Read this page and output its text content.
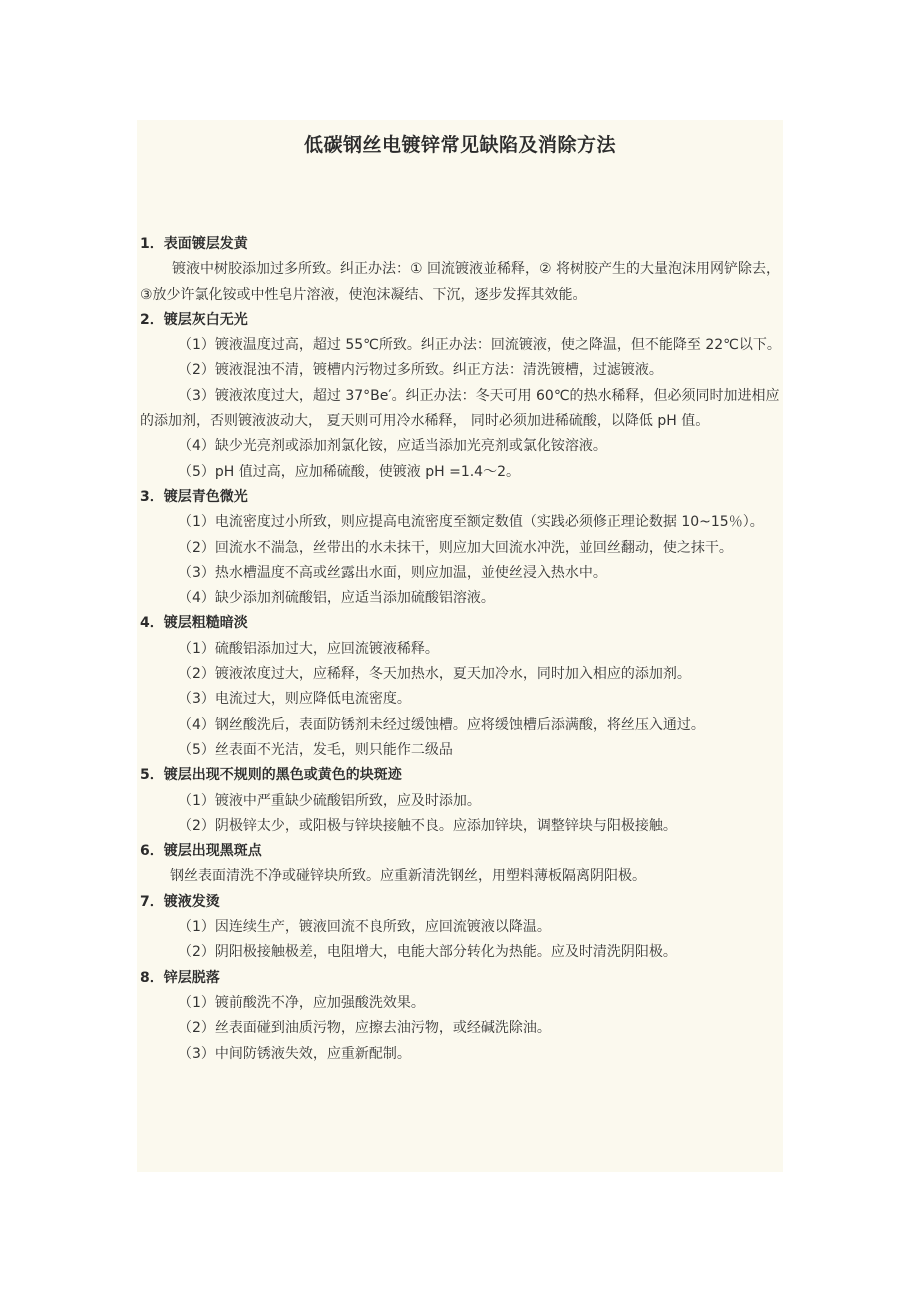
低碳钢丝电镀锌常见缺陷及消除方法

1．表面镀层发黄

镀液中树胶添加过多所致。纠正办法：① 回流镀液並稀释，② 将树胶产生的大量泡沫用网铲除去，③放少许氯化铵或中性皂片溶液，使泡沫凝结、下沉，逐步发挥其效能。

2．镀层灰白无光

（1）镀液温度过高，超过 55℃所致。纠正办法：回流镀液，使之降温，但不能降至 22℃以下。

（2）镀液混浊不清，镀槽内污物过多所致。纠正方法：清洗镀槽，过滤镀液。

（3）镀液浓度过大，超过 37°Be′。纠正办法：冬天可用 60℃的热水稀释，但必须同时加进相应的添加剂，否则镀液波动大， 夏天则可用冷水稀释， 同时必须加进稀硫酸，以降低 pH 值。

（4）缺少光亮剂或添加剂氯化铵，应适当添加光亮剂或氯化铵溶液。

（5）pH 值过高，应加稀硫酸，使镀液 pH =1.4～2。

3．镀层青色微光

（1）电流密度过小所致，则应提高电流密度至额定数值（实践必须修正理论数据 10~15％）。

（2）回流水不湍急，丝带出的水未抹干，则应加大回流水冲洗，並回丝翻动，使之抹干。

（3）热水槽温度不高或丝露出水面，则应加温，並使丝浸入热水中。

（4）缺少添加剂硫酸铝，应适当添加硫酸铝溶液。

4．镀层粗糙暗淡

（1）硫酸铝添加过大，应回流镀液稀释。

（2）镀液浓度过大，应稀释，冬天加热水，夏天加冷水，同时加入相应的添加剂。

（3）电流过大，则应降低电流密度。

（4）钢丝酸洗后，表面防锈剂未经过缓蚀槽。应将缓蚀槽后添满酸，将丝压入通过。

（5）丝表面不光洁，发毛，则只能作二级品

5．镀层出现不规则的黑色或黄色的块斑迹

（1）镀液中严重缺少硫酸铝所致，应及时添加。

（2）阴极锌太少，或阳极与锌块接触不良。应添加锌块，调整锌块与阳极接触。

6．镀层出现黑斑点

钢丝表面清洗不净或碰锌块所致。应重新清洗钢丝，用塑料薄板隔离阴阳极。

7．镀液发烫

（1）因连续生产，镀液回流不良所致，应回流镀液以降温。

（2）阴阳极接触极差，电阻增大，电能大部分转化为热能。应及时清洗阴阳极。

8．锌层脱落

（1）镀前酸洗不净，应加强酸洗效果。

（2）丝表面碰到油质污物，应擦去油污物，或经碱洗除油。

（3）中间防锈液失效，应重新配制。
